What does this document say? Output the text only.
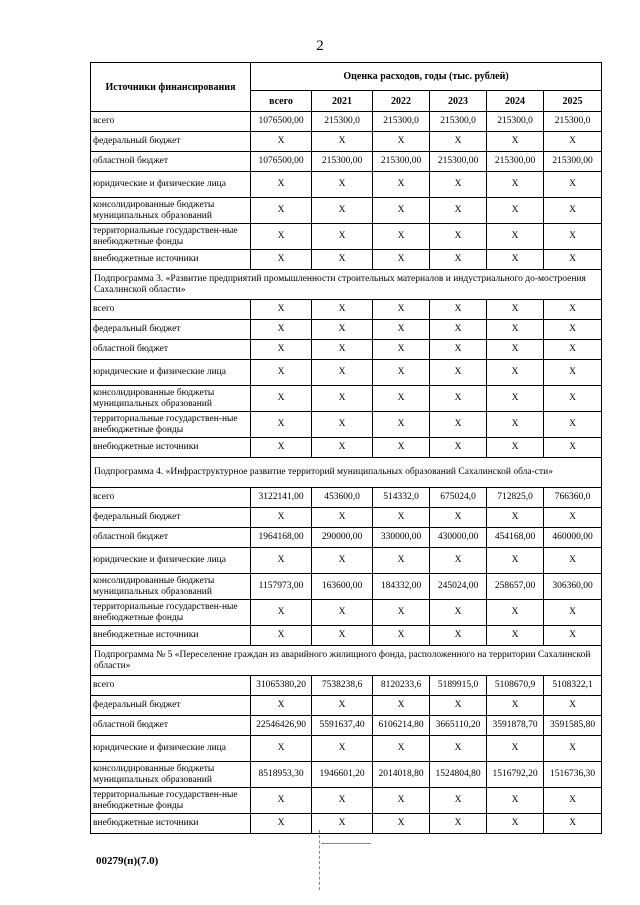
2
Источники финансирования	Оценка расходов, годы (тыс. рублей)					
	всего	2021	2022	2023	2024	2025
всего	1076500,00	215300,0	215300,0	215300,0	215300,0	215300,0
федеральный бюджет	X	X	X	X	X	X
областной бюджет	1076500,00	215300,00	215300,00	215300,00	215300,00	215300,00
юридические и физические лица	X	X	X	X	X	X
консолидированные бюджеты муниципальных образований	X	X	X	X	X	X
территориальные государствен-ные внебюджетные фонды	X	X	X	X	X	X
внебюджетные источники	X	X	X	X	X	X
Подпрограмма 3. «Развитие предприятий промышленности строительных материалов и индустриального до-мостроения Сахалинской области»						
всего	X	X	X	X	X	X
федеральный бюджет	X	X	X	X	X	X
областной бюджет	X	X	X	X	X	X
юридические и физические лица	X	X	X	X	X	X
консолидированные бюджеты муниципальных образований	X	X	X	X	X	X
территориальные государствен-ные внебюджетные фонды	X	X	X	X	X	X
внебюджетные источники	X	X	X	X	X	X
Подпрограмма 4. «Инфраструктурное развитие территорий муниципальных образований Сахалинской обла-сти»						
всего	3122141,00	453600,0	514332,0	675024,0	712825,0	766360,0
федеральный бюджет	X	X	X	X	X	X
областной бюджет	1964168,00	290000,00	330000,00	430000,00	454168,00	460000,00
юридические и физические лица	X	X	X	X	X	X
консолидированные бюджеты муниципальных образований	1157973,00	163600,00	184332,00	245024,00	258657,00	306360,00
территориальные государствен-ные внебюджетные фонды	X	X	X	X	X	X
внебюджетные источники	X	X	X	X	X	X
Подпрограмма № 5 «Переселение граждан из аварийного жилищного фонда, расположенного на территории Сахалинской области»						
всего	31065380,20	7538238,6	8120233,6	5189915,0	5108670,9	5108322,1
федеральный бюджет	X	X	X	X	X	X
областной бюджет	22546426,90	5591637,40	6106214,80	3665110,20	3591878,70	3591585,80
юридические и физические лица	X	X	X	X	X	X
консолидированные бюджеты муниципальных образований	8518953,30	1946601,20	2014018,80	1524804,80	1516792,20	1516736,30
территориальные государствен-ные внебюджетные фонды	X	X	X	X	X	X
внебюджетные источники	X	X	X	X	X	X
00279(п)(7.0)
